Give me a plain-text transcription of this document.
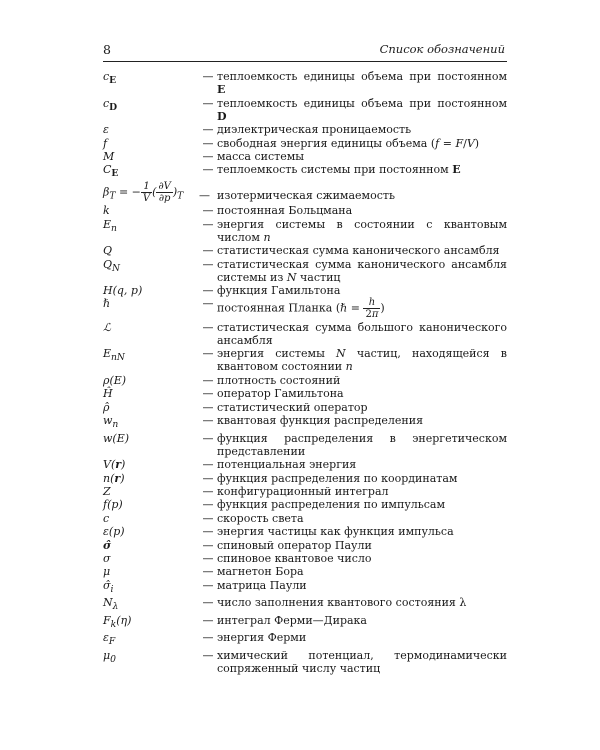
8	Список обозначений
$c_E$	— теплоемкость единицы объема при постоянном E
$c_D$	— теплоемкость единицы объема при постоянном D
ε	— диэлектрическая проницаемость
f	— свободная энергия единицы объема (f = F/V)
M	— масса системы
$C_E$	— теплоемкость системы при постоянном E
$\beta_T$ = − $\frac{1}{V}$ ( $\frac{\partial V}{\partial p} )_T$	— изотермическая сжимаемость
k	— постоянная Больцмана
$E_n$	— энергия системы в состоянии с квантовым числом n
Q	— статистическая сумма канонического ансамбля
$Q_N$	— статистическая сумма канонического ансамбля системы из N частиц
H(q, p)	— функция Гамильтона
ℏ	— постоянная Планка (ℏ = $\frac{h}{2\pi}$ )
ℒ	— статистическая сумма большого канонического ансамбля
$E_{nN}$	— энергия системы N частиц, находящейся в квантовом состоянии n
ρ(E)	— плотность состояний
Ĥ	— оператор Гамильтона
ρ̂	— статистический оператор
$w_n$	— квантовая функция распределения
w(E)	— функция распределения в энергетическом представлении
V(r)	— потенциальная энергия
n(r)	— функция распределения по координатам
Z	— конфигурационный интеграл
f(p)	— функция распределения по импульсам
c	— скорость света
ε(p)	— энергия частицы как функция импульса
σ̂	— спиновый оператор Паули
σ	— спиновое квантовое число
μ	— магнетон Бора
$\sigmâ_i$	— матрица Паули
$N_\lambda$	— число заполнения квантового состояния λ
$F_k(\eta)$	— интеграл Ферми—Дирака
$\varepsilon_F$	— энергия Ферми
$\mu_0$	— химический потенциал, термодинамически сопряженный числу частиц
